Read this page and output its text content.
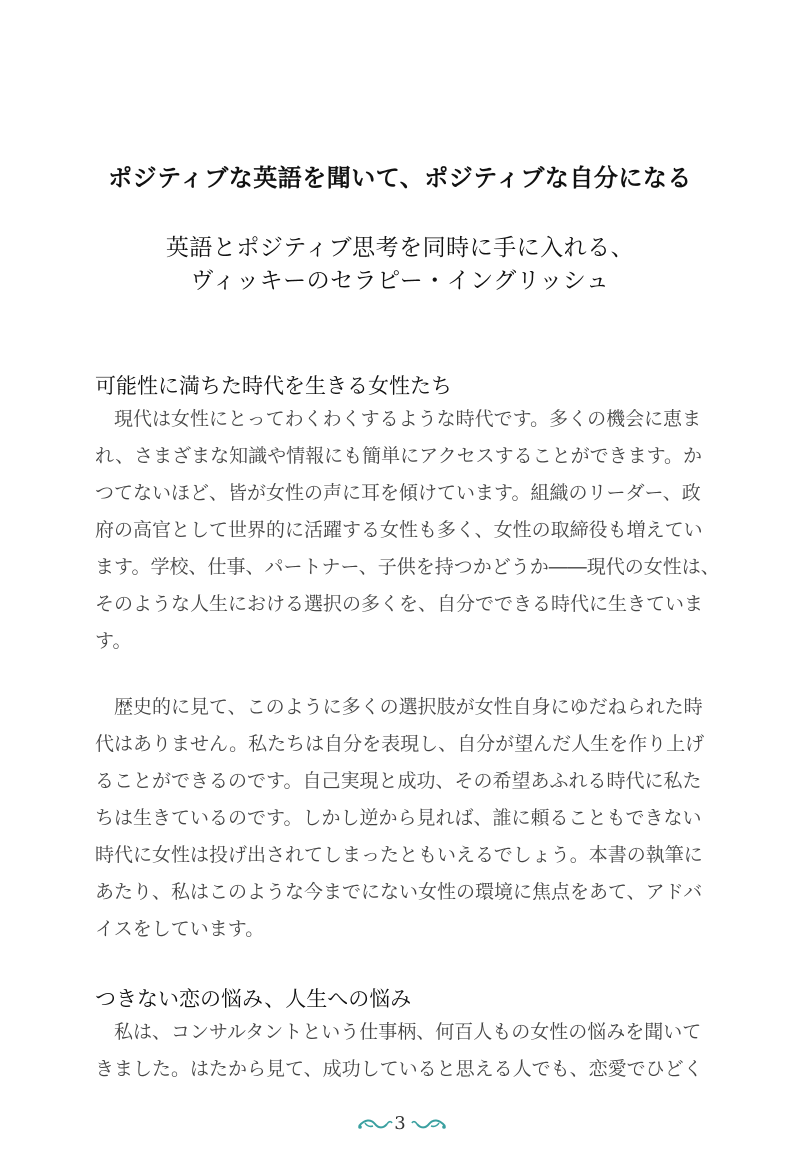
ポジティブな英語を聞いて、ポジティブな自分になる
英語とポジティブ思考を同時に手に入れる、
ヴィッキーのセラピー・イングリッシュ
可能性に満ちた時代を生きる女性たち
　現代は女性にとってわくわくするような時代です。多くの機会に恵ま
れ、さまざまな知識や情報にも簡単にアクセスすることができます。か
つてないほど、皆が女性の声に耳を傾けています。組織のリーダー、政
府の高官として世界的に活躍する女性も多く、女性の取締役も増えてい
ます。学校、仕事、パートナー、子供を持つかどうか――現代の女性は、
そのような人生における選択の多くを、自分でできる時代に生きていま
す。
　歴史的に見て、このように多くの選択肢が女性自身にゆだねられた時
代はありません。私たちは自分を表現し、自分が望んだ人生を作り上げ
ることができるのです。自己実現と成功、その希望あふれる時代に私た
ちは生きているのです。しかし逆から見れば、誰に頼ることもできない
時代に女性は投げ出されてしまったともいえるでしょう。本書の執筆に
あたり、私はこのような今までにない女性の環境に焦点をあて、アドバ
イスをしています。
つきない恋の悩み、人生への悩み
　私は、コンサルタントという仕事柄、何百人もの女性の悩みを聞いて
きました。はたから見て、成功していると思える人でも、恋愛でひどく
3
